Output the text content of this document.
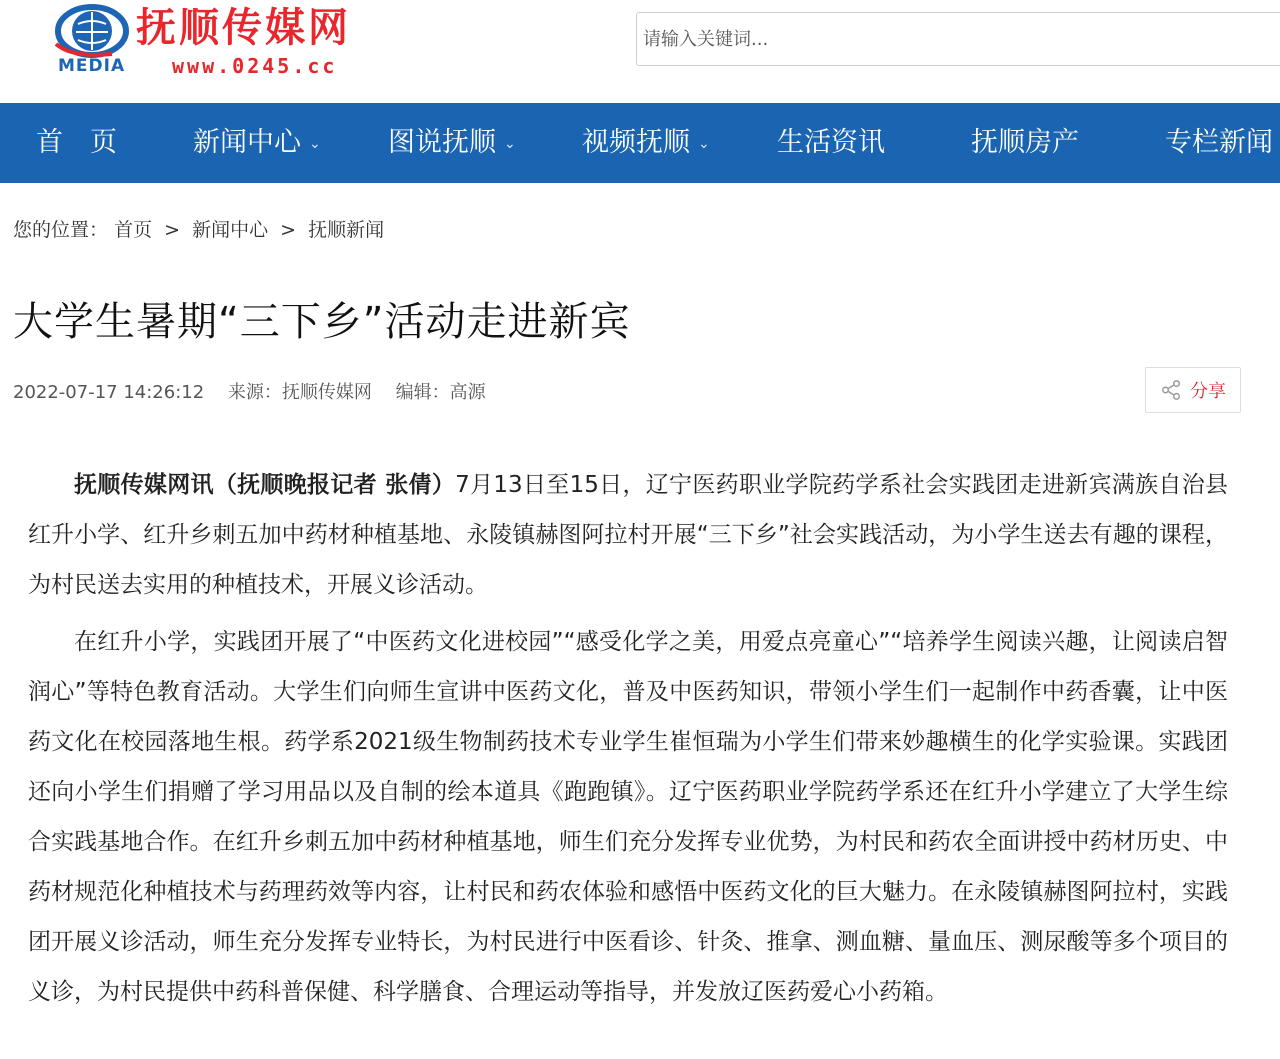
抚顺传媒网
MEDIA www.0245.cc
请输入关键词...
首　页	新闻中心 ⌄ 图说抚顺 ⌄ 视频抚顺 ⌄ 生活资讯	抚顺房产	专栏新闻
您的位置： 首页 > 新闻中心 > 抚顺新闻
大学生暑期“三下乡”活动走进新宾
2022-07-17 14:26:12 来源：抚顺传媒网 编辑：高源	分享

抚顺传媒网讯（抚顺晚报记者 张倩）7月13日至15日，辽宁医药职业学院药学系社会实践团走进新宾满族自治县红升小学、红升乡刺五加中药材种植基地、永陵镇赫图阿拉村开展“三下乡”社会实践活动，为小学生送去有趣的课程，为村民送去实用的种植技术，开展义诊活动。

在红升小学，实践团开展了“中医药文化进校园”“感受化学之美，用爱点亮童心”“培养学生阅读兴趣，让阅读启智润心”等特色教育活动。大学生们向师生宣讲中医药文化，普及中医药知识，带领小学生们一起制作中药香囊，让中医药文化在校园落地生根。药学系2021级生物制药技术专业学生崔恒瑞为小学生们带来妙趣横生的化学实验课。实践团还向小学生们捐赠了学习用品以及自制的绘本道具《跑跑镇》。辽宁医药职业学院药学系还在红升小学建立了大学生综合实践基地合作。在红升乡刺五加中药材种植基地，师生们充分发挥专业优势，为村民和药农全面讲授中药材历史、中药材规范化种植技术与药理药效等内容，让村民和药农体验和感悟中医药文化的巨大魅力。在永陵镇赫图阿拉村，实践团开展义诊活动，师生充分发挥专业特长，为村民进行中医看诊、针灸、推拿、测血糖、量血压、测尿酸等多个项目的义诊，为村民提供中药科普保健、科学膳食、合理运动等指导，并发放辽医药爱心小药箱。
